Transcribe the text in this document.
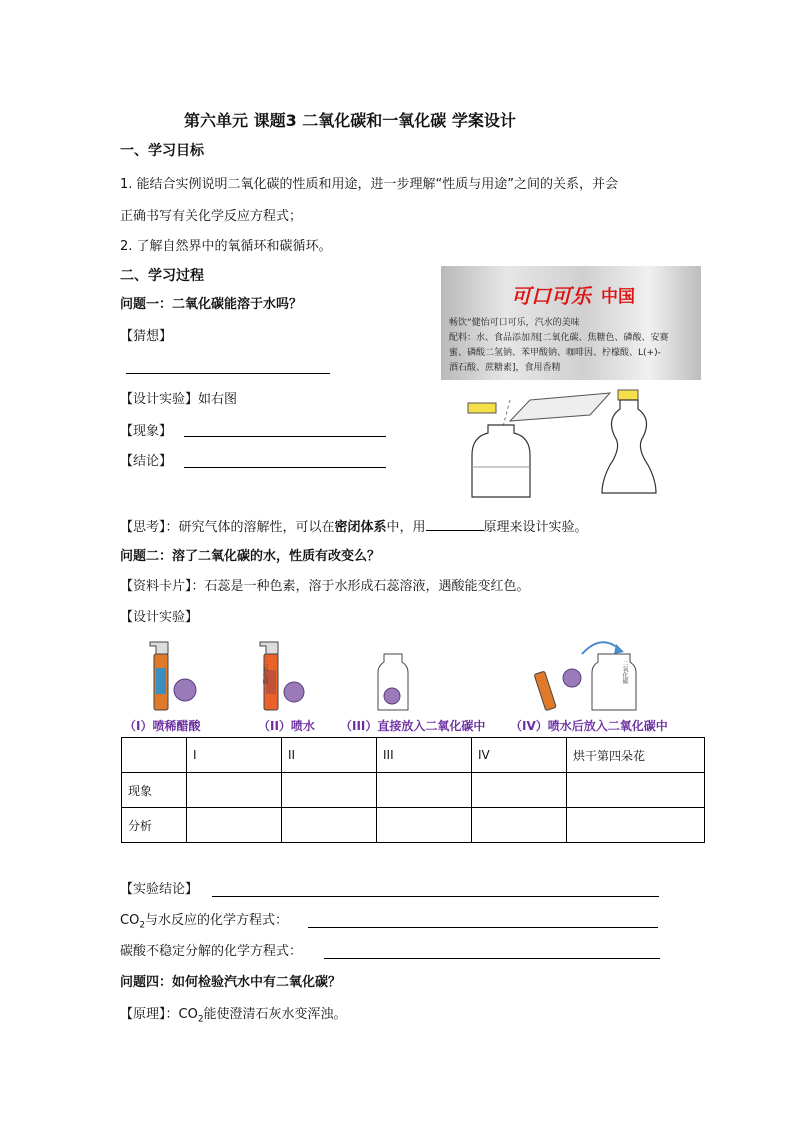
第六单元 课题3 二氧化碳和一氧化碳 学案设计
一、学习目标
1. 能结合实例说明二氧化碳的性质和用途，进一步理解“性质与用途”之间的关系，并会
正确书写有关化学反应方程式；
2. 了解自然界中的氧循环和碳循环。
二、学习过程
问题一：二氧化碳能溶于水吗？
【猜想】
【设计实验】如右图
【现象】
【结论】
可口可乐 中国
畅饮“健怡可口可乐，汽水的美味
配料：水、食品添加剂[二氧化碳、焦糖色、磷酸、安赛
蜜、磷酸二氢钠、苯甲酸钠、咖啡因、柠檬酸、L(+)-
酒石酸、蔗糖素]，食用香精
【思考】：研究气体的溶解性，可以在密闭体系中，用	原理来设计实验。
问题二：溶了二氧化碳的水，性质有改变么？
【资料卡片】：石蕊是一种色素，溶于水形成石蕊溶液，遇酸能变红色。
【设计实验】
二氧化碳	二氧化碳
（I）喷稀醋酸	（II）喷水 （III）直接放入二氧化碳中 （IV）喷水后放入二氧化碳中
	I	II	III	IV	烘干第四朵花
现象					
分析					
【实验结论】
$CO_2$与水反应的化学方程式：
碳酸不稳定分解的化学方程式：
问题四：如何检验汽水中有二氧化碳？
【原理】：$CO_2$能使澄清石灰水变浑浊。
